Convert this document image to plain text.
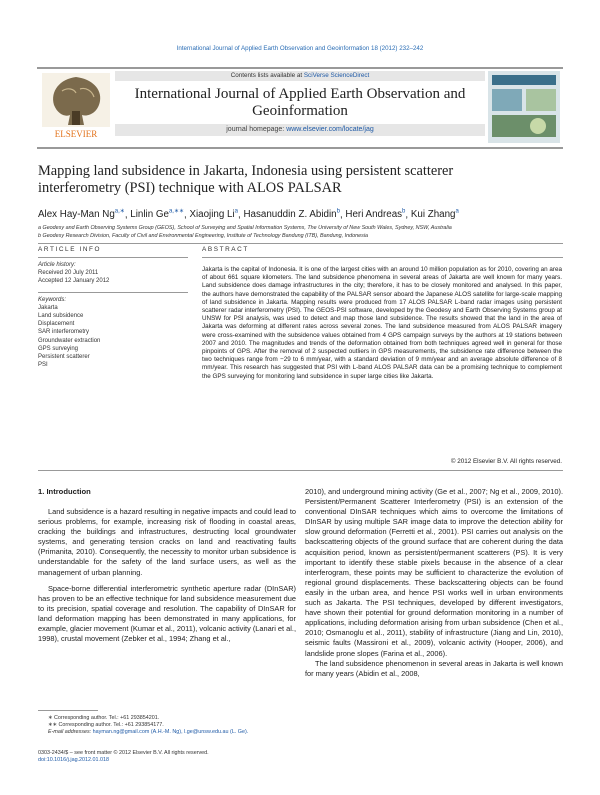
International Journal of Applied Earth Observation and Geoinformation 18 (2012) 232–242
ELSEVIER
Contents lists available at SciVerse ScienceDirect
International Journal of Applied Earth Observation and
Geoinformation
journal homepage: www.elsevier.com/locate/jag
Mapping land subsidence in Jakarta, Indonesia using persistent scatterer
interferometry (PSI) technique with ALOS PALSAR
Alex Hay-Man $Ng^{a,∗}$, Linlin $Ge^{a,∗∗}$, Xiaojing Li$^a$, Hasanuddin Z. Abidin$^b$, Heri Andreas$^b$, Kui Zhang$^a$
a Geodesy and Earth Observing Systems Group (GEOS), School of Surveying and Spatial Information Systems, The University of New South Wales, Sydney, NSW, Australia
b Geodesy Research Division, Faculty of Civil and Environmental Engineering, Institute of Technology Bandung (ITB), Bandung, Indonesia
ARTICLE INFO	ABSTRACT
Article history:
Received 20 July 2011
Accepted 12 January 2012
Keywords:
Jakarta
Land subsidence
Displacement
SAR interferometry
Groundwater extraction
GPS surveying
Persistent scatterer
PSI
Jakarta is the capital of Indonesia. It is one of the largest cities with an around 10 million population as for 2010, covering an area of about 661 square kilometers. The land subsidence phenomena in several areas of Jakarta are well known for many years. Land subsidence does damage infrastructures in the city; therefore, it has to be closely monitored and analysed. In this paper, the authors have demonstrated the capability of the PALSAR sensor aboard the Japanese ALOS satellite for large-scale mapping of land subsidence in Jakarta. Mapping results were produced from 17 ALOS PALSAR L-band radar images using persistent scatterer radar interferometry (PSI). The GEOS-PSI software, developed by the Geodesy and Earth Observing Systems group at UNSW for PSI analysis, was used to detect and map those land subsidence. The results showed that the land in the area of Jakarta was deforming at different rates across several zones. The land subsidence measured from ALOS PALSAR imagery were cross-examined with the subsidence values obtained from 4 GPS campaign surveys by the authors at 19 stations between 2007 and 2010. The magnitudes and trends of the deformation obtained from both techniques agreed well in general for those pinpoints of GPS. After the removal of 2 suspected outliers in GPS measurements, the subsidence rate difference between the two techniques range from −29 to 6 mm/year, with a standard deviation of 9 mm/year and an average absolute difference of 8 mm/year. This research has suggested that PSI with L-band ALOS PALSAR data can be a promising technique to complement the GPS surveying for monitoring land subsidence in super large cities like Jakarta.
© 2012 Elsevier B.V. All rights reserved.
1. Introduction

Land subsidence is a hazard resulting in negative impacts and could lead to serious problems, for example, increasing risk of flooding in coastal areas, cracking the buildings and infrastructures, destructing local groundwater systems, and generating tension cracks on land and reactivating faults (Primanita, 2010). Consequently, the necessity to monitor urban subsidence is understandable for the safety of the land surface users, as well as the management of urban planning.

Space-borne differential interferometric synthetic aperture radar (DInSAR) has proven to be an effective technique for land subsidence measurement due to its precision, spatial coverage and resolution. The capability of DInSAR for land deformation mapping has been demonstrated in many applications, for example, glacier movement (Kumar et al., 2011), volcanic activity (Lanari et al., 1998), crustal movement (Zebker et al., 1994; Zhang et al.,

2010), and underground mining activity (Ge et al., 2007; Ng et al., 2009, 2010). Persistent/Permanent Scatterer Interferometry (PSI) is an extension of the conventional DInSAR techniques which aims to overcome the limitations of DInSAR by using multiple SAR image data to improve the detection ability for slow ground deformation (Ferretti et al., 2001). PSI carries out analysis on the backscattering objects of the ground surface that are coherent during the data acquisition period, known as persistent/permanent scatterers (PS). It is very important to identify these stable pixels because in the absence of a clear interferogram, these points may be sufficient to characterize the evolution of regional ground displacements. These backscattering objects can be found easily in the urban area, and hence PSI works well in urban environments such as Jakarta. The PSI techniques, developed by different investigators, have shown their potential for ground deformation monitoring in a number of applications, including deformation arising from urban subsidence (Chen et al., 2010; Osmanoglu et al., 2011), stability of infrastructure (Jiang and Lin, 2010), seismic faults (Massironi et al., 2009), volcanic activity (Hooper, 2006), and landslide prone slopes (Farina et al., 2006).

The land subsidence phenomenon in several areas in Jakarta is well known for many years (Abidin et al., 2008,

∗ Corresponding author. Tel.: +61 293854201.
∗∗ Corresponding author. Tel.: +61 293854177.
E-mail addresses: hayman.ng@gmail.com (A.H.-M. Ng), l.ge@unsw.edu.au (L. Ge).
0303-2434/$ – see front matter © 2012 Elsevier B.V. All rights reserved.
doi:10.1016/j.jag.2012.01.018
